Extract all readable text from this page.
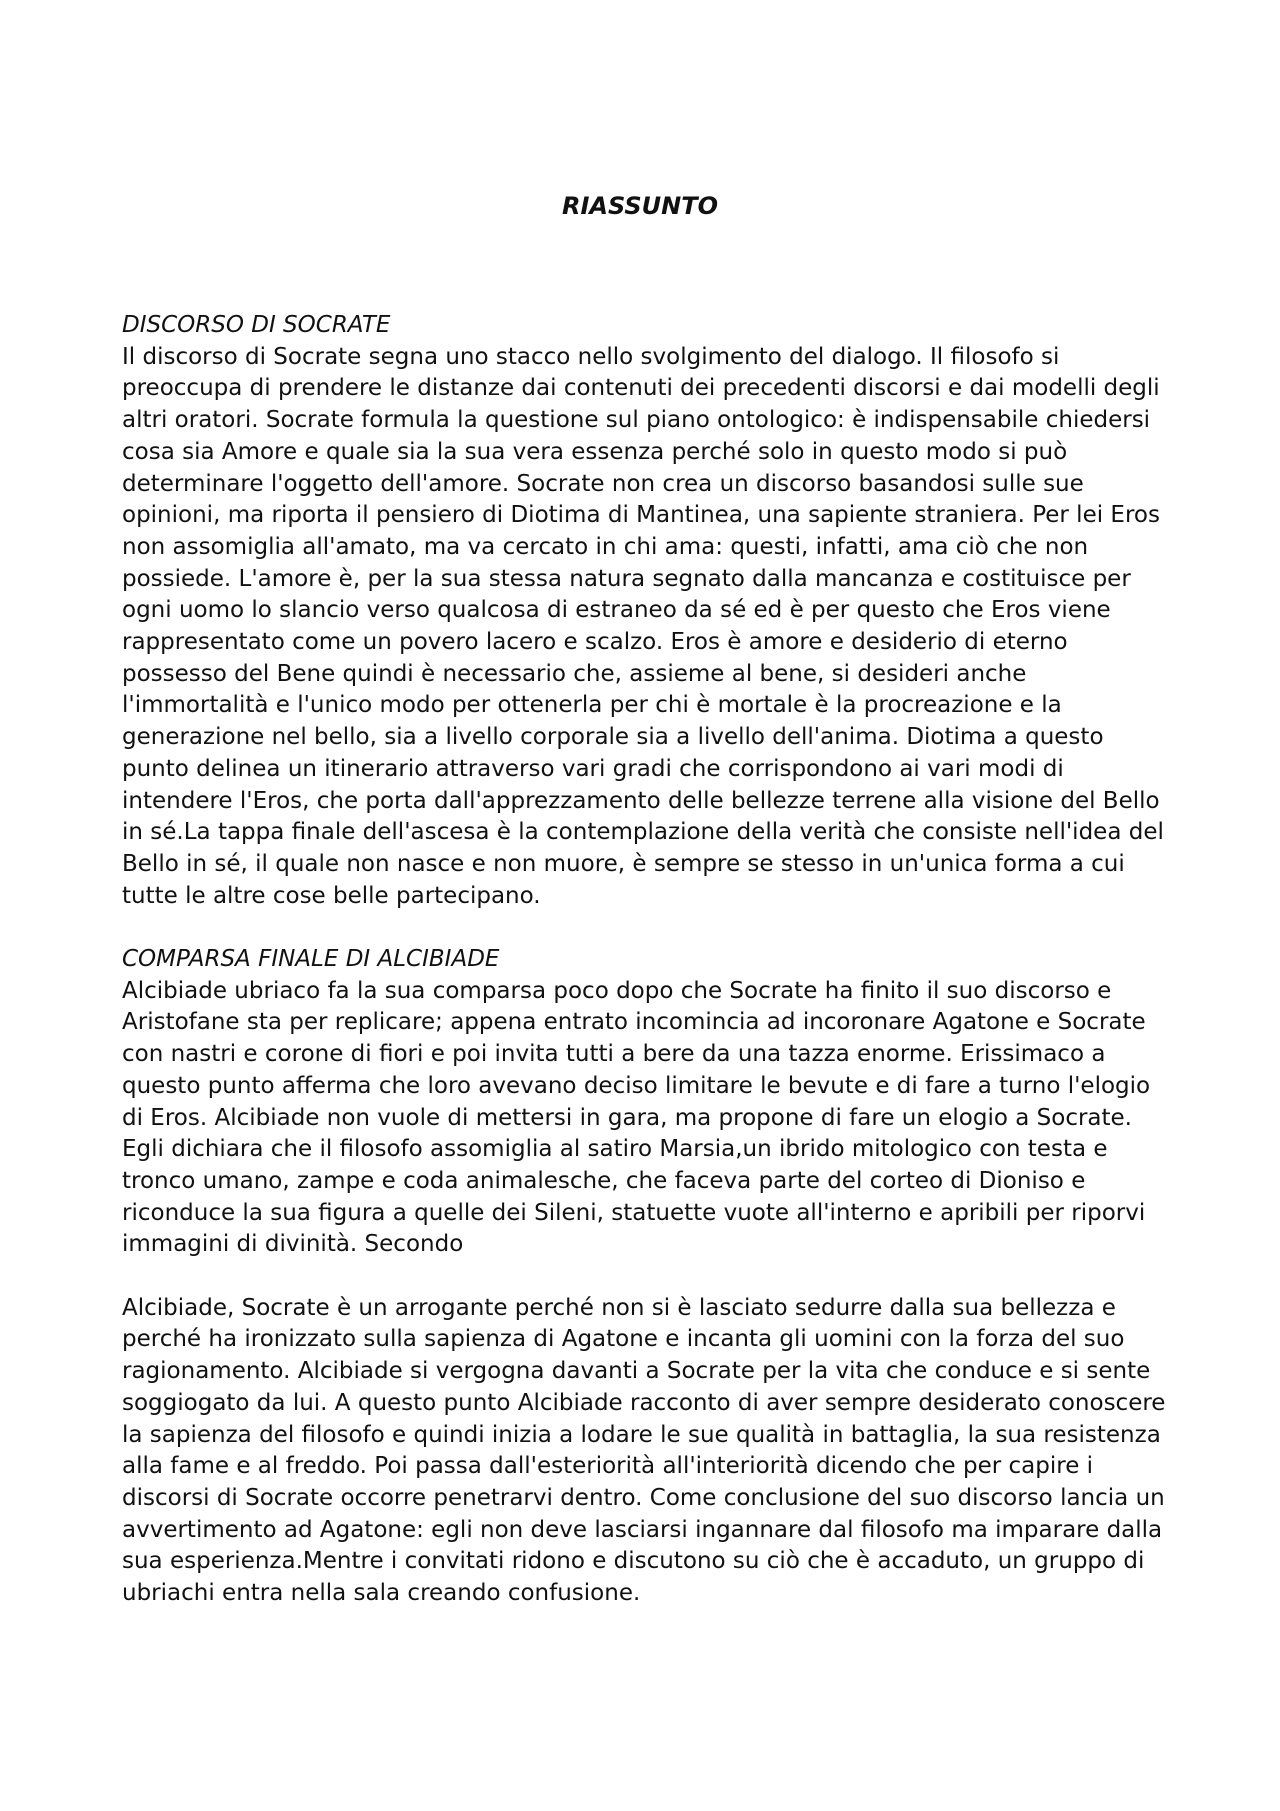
RIASSUNTO

DISCORSO DI SOCRATE

Il discorso di Socrate segna uno stacco nello svolgimento del dialogo. Il filosofo si preoccupa di prendere le distanze dai contenuti dei precedenti discorsi e dai modelli degli altri oratori. Socrate formula la questione sul piano ontologico: è indispensabile chiedersi cosa sia Amore e quale sia la sua vera essenza perché solo in questo modo si può determinare l'oggetto dell'amore. Socrate non crea un discorso basandosi sulle sue opinioni, ma riporta il pensiero di Diotima di Mantinea, una sapiente straniera. Per lei Eros non assomiglia all'amato, ma va cercato in chi ama: questi, infatti, ama ciò che non possiede. L'amore è, per la sua stessa natura segnato dalla mancanza e costituisce per ogni uomo lo slancio verso qualcosa di estraneo da sé ed è per questo che Eros viene rappresentato come un povero lacero e scalzo. Eros è amore e desiderio di eterno possesso del Bene quindi è necessario che, assieme al bene, si desideri anche l'immortalità e l'unico modo per ottenerla per chi è mortale è la procreazione e la generazione nel bello, sia a livello corporale sia a livello dell'anima. Diotima a questo punto delinea un itinerario attraverso vari gradi che corrispondono ai vari modi di intendere l'Eros, che porta dall'apprezzamento delle bellezze terrene alla visione del Bello in sé.La tappa finale dell'ascesa è la contemplazione della verità che consiste nell'idea del Bello in sé, il quale non nasce e non muore, è sempre se stesso in un'unica forma a cui tutte le altre cose belle partecipano.

COMPARSA FINALE DI ALCIBIADE

Alcibiade ubriaco fa la sua comparsa poco dopo che Socrate ha finito il suo discorso e Aristofane sta per replicare; appena entrato incomincia ad incoronare Agatone e Socrate con nastri e corone di fiori e poi invita tutti a bere da una tazza enorme. Erissimaco a questo punto afferma che loro avevano deciso limitare le bevute e di fare a turno l'elogio di Eros. Alcibiade non vuole di mettersi in gara, ma propone di fare un elogio a Socrate.

Egli dichiara che il filosofo assomiglia al satiro Marsia,un ibrido mitologico con testa e tronco umano, zampe e coda animalesche, che faceva parte del corteo di Dioniso e riconduce la sua figura a quelle dei Sileni, statuette vuote all'interno e apribili per riporvi immagini di divinità. Secondo

Alcibiade, Socrate è un arrogante perché non si è lasciato sedurre dalla sua bellezza e perché ha ironizzato sulla sapienza di Agatone e incanta gli uomini con la forza del suo ragionamento. Alcibiade si vergogna davanti a Socrate per la vita che conduce e si sente soggiogato da lui. A questo punto Alcibiade racconto di aver sempre desiderato conoscere la sapienza del filosofo e quindi inizia a lodare le sue qualità in battaglia, la sua resistenza alla fame e al freddo. Poi passa dall'esteriorità all'interiorità dicendo che per capire i discorsi di Socrate occorre penetrarvi dentro. Come conclusione del suo discorso lancia un avvertimento ad Agatone: egli non deve lasciarsi ingannare dal filosofo ma imparare dalla sua esperienza.Mentre i convitati ridono e discutono su ciò che è accaduto, un gruppo di ubriachi entra nella sala creando confusione.
